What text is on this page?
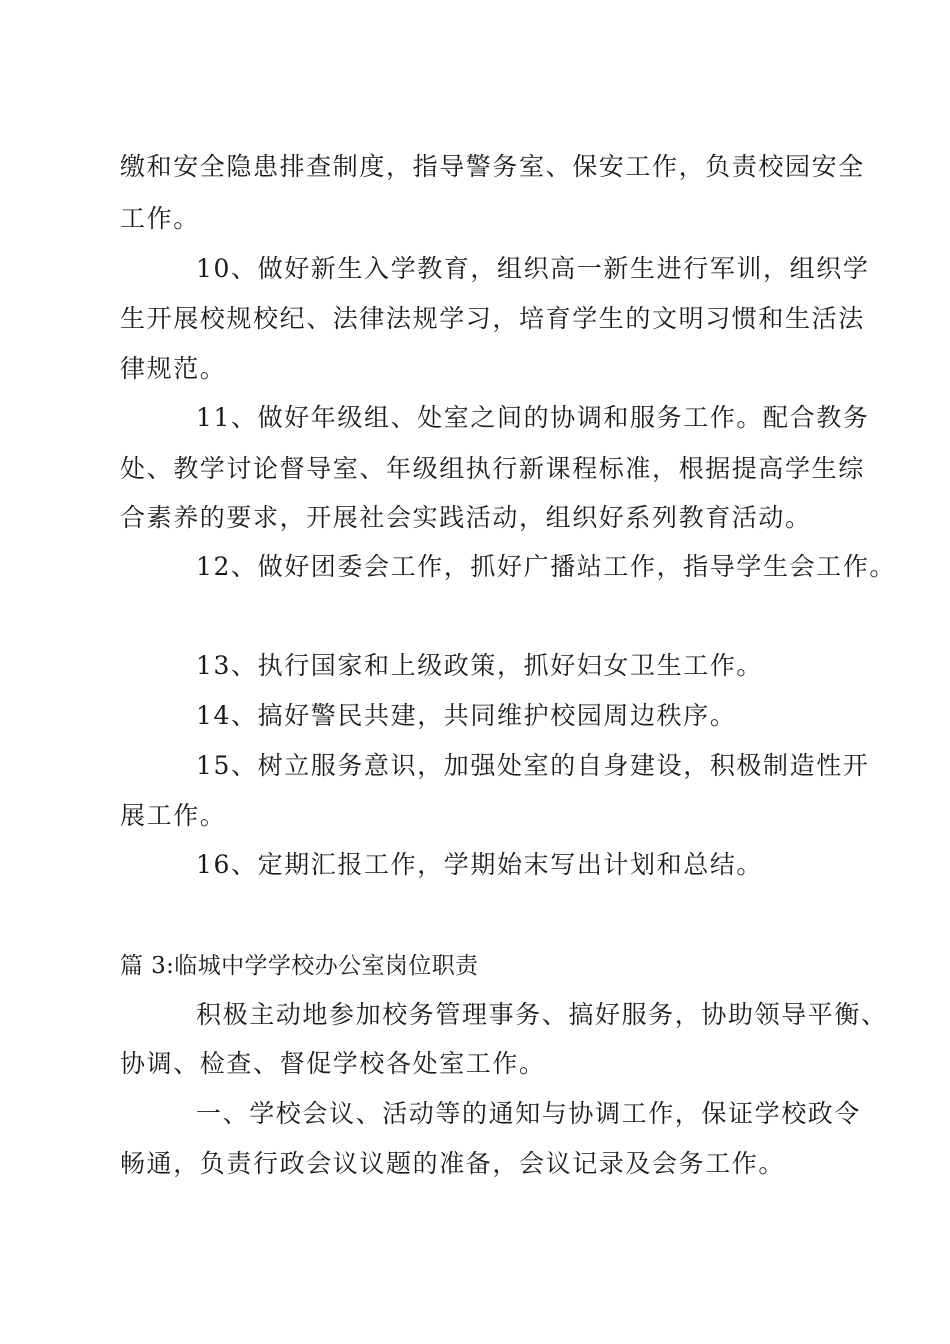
缴和安全隐患排查制度，指导警务室、保安工作，负责校园安全
工作。
10、做好新生入学教育，组织高一新生进行军训，组织学
生开展校规校纪、法律法规学习，培育学生的文明习惯和生活法
律规范。
11、做好年级组、处室之间的协调和服务工作。配合教务
处、教学讨论督导室、年级组执行新课程标准，根据提高学生综
合素养的要求，开展社会实践活动，组织好系列教育活动。
12、做好团委会工作，抓好广播站工作，指导学生会工作。
13、执行国家和上级政策，抓好妇女卫生工作。
14、搞好警民共建，共同维护校园周边秩序。
15、树立服务意识，加强处室的自身建设，积极制造性开
展工作。
16、定期汇报工作，学期始末写出计划和总结。
篇 3:临城中学学校办公室岗位职责
积极主动地参加校务管理事务、搞好服务，协助领导平衡、
协调、检查、督促学校各处室工作。
一、学校会议、活动等的通知与协调工作，保证学校政令
畅通，负责行政会议议题的准备，会议记录及会务工作。
